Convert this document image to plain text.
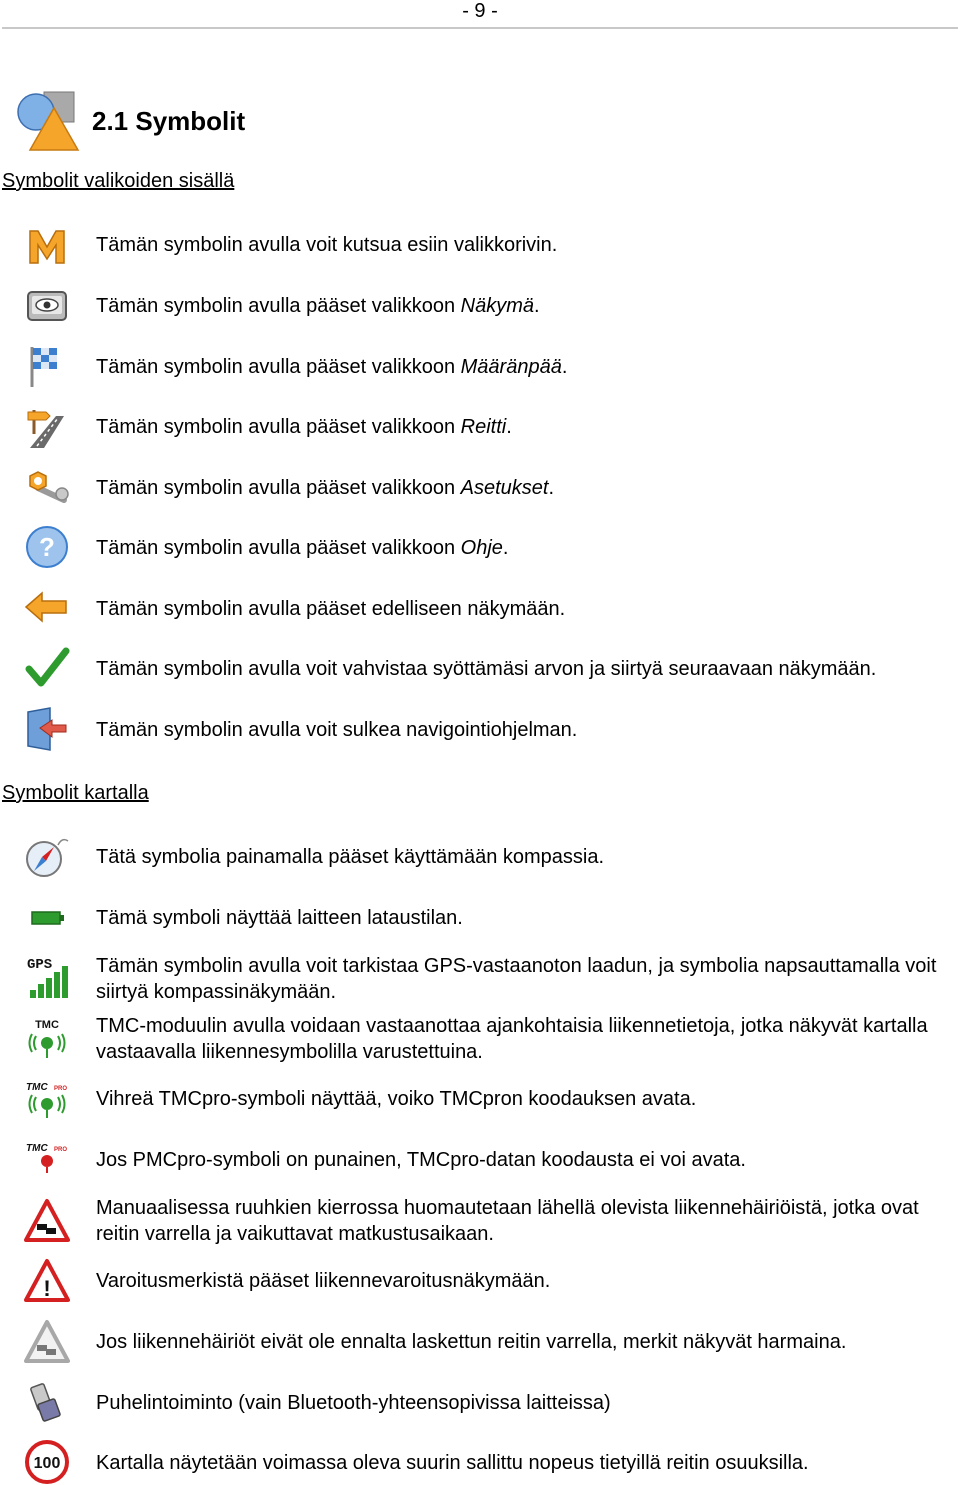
- 9 -
2.1 Symbolit
Symbolit valikoiden sisällä
Tämän symbolin avulla voit kutsua esiin valikkorivin.
Tämän symbolin avulla pääset valikkoon Näkymä.
Tämän symbolin avulla pääset valikkoon Määränpää.
Tämän symbolin avulla pääset valikkoon Reitti.
Tämän symbolin avulla pääset valikkoon Asetukset.
? Tämän symbolin avulla pääset valikkoon Ohje.
Tämän symbolin avulla pääset edelliseen näkymään.
Tämän symbolin avulla voit vahvistaa syöttämäsi arvon ja siirtyä seuraavaan näkymään.
Tämän symbolin avulla voit sulkea navigointiohjelman.
Symbolit kartalla
Tätä symbolia painamalla pääset käyttämään kompassia.
Tämä symboli näyttää laitteen lataustilan.
GPS Tämän symbolin avulla voit tarkistaa GPS-vastaanoton laadun, ja symbolia napsauttamalla voit siirtyä kompassinäkymään.
TMC TMC-moduulin avulla voidaan vastaanottaa ajankohtaisia liikennetietoja, jotka näkyvät kartalla vastaavalla liikennesymbolilla varustettuina.
TMC PRO Vihreä TMCpro-symboli näyttää, voiko TMCpron koodauksen avata.
TMC PRO Jos PMCpro-symboli on punainen, TMCpro-datan koodausta ei voi avata.
Manuaalisessa ruuhkien kierrossa huomautetaan lähellä olevista liikennehäiriöistä, jotka ovat reitin varrella ja vaikuttavat matkustusaikaan.
! Varoitusmerkistä pääset liikennevaroitusnäkymään.
Jos liikennehäiriöt eivät ole ennalta laskettun reitin varrella, merkit näkyvät harmaina.
Puhelintoiminto (vain Bluetooth-yhteensopivissa laitteissa)
100 Kartalla näytetään voimassa oleva suurin sallittu nopeus tietyillä reitin osuuksilla.
